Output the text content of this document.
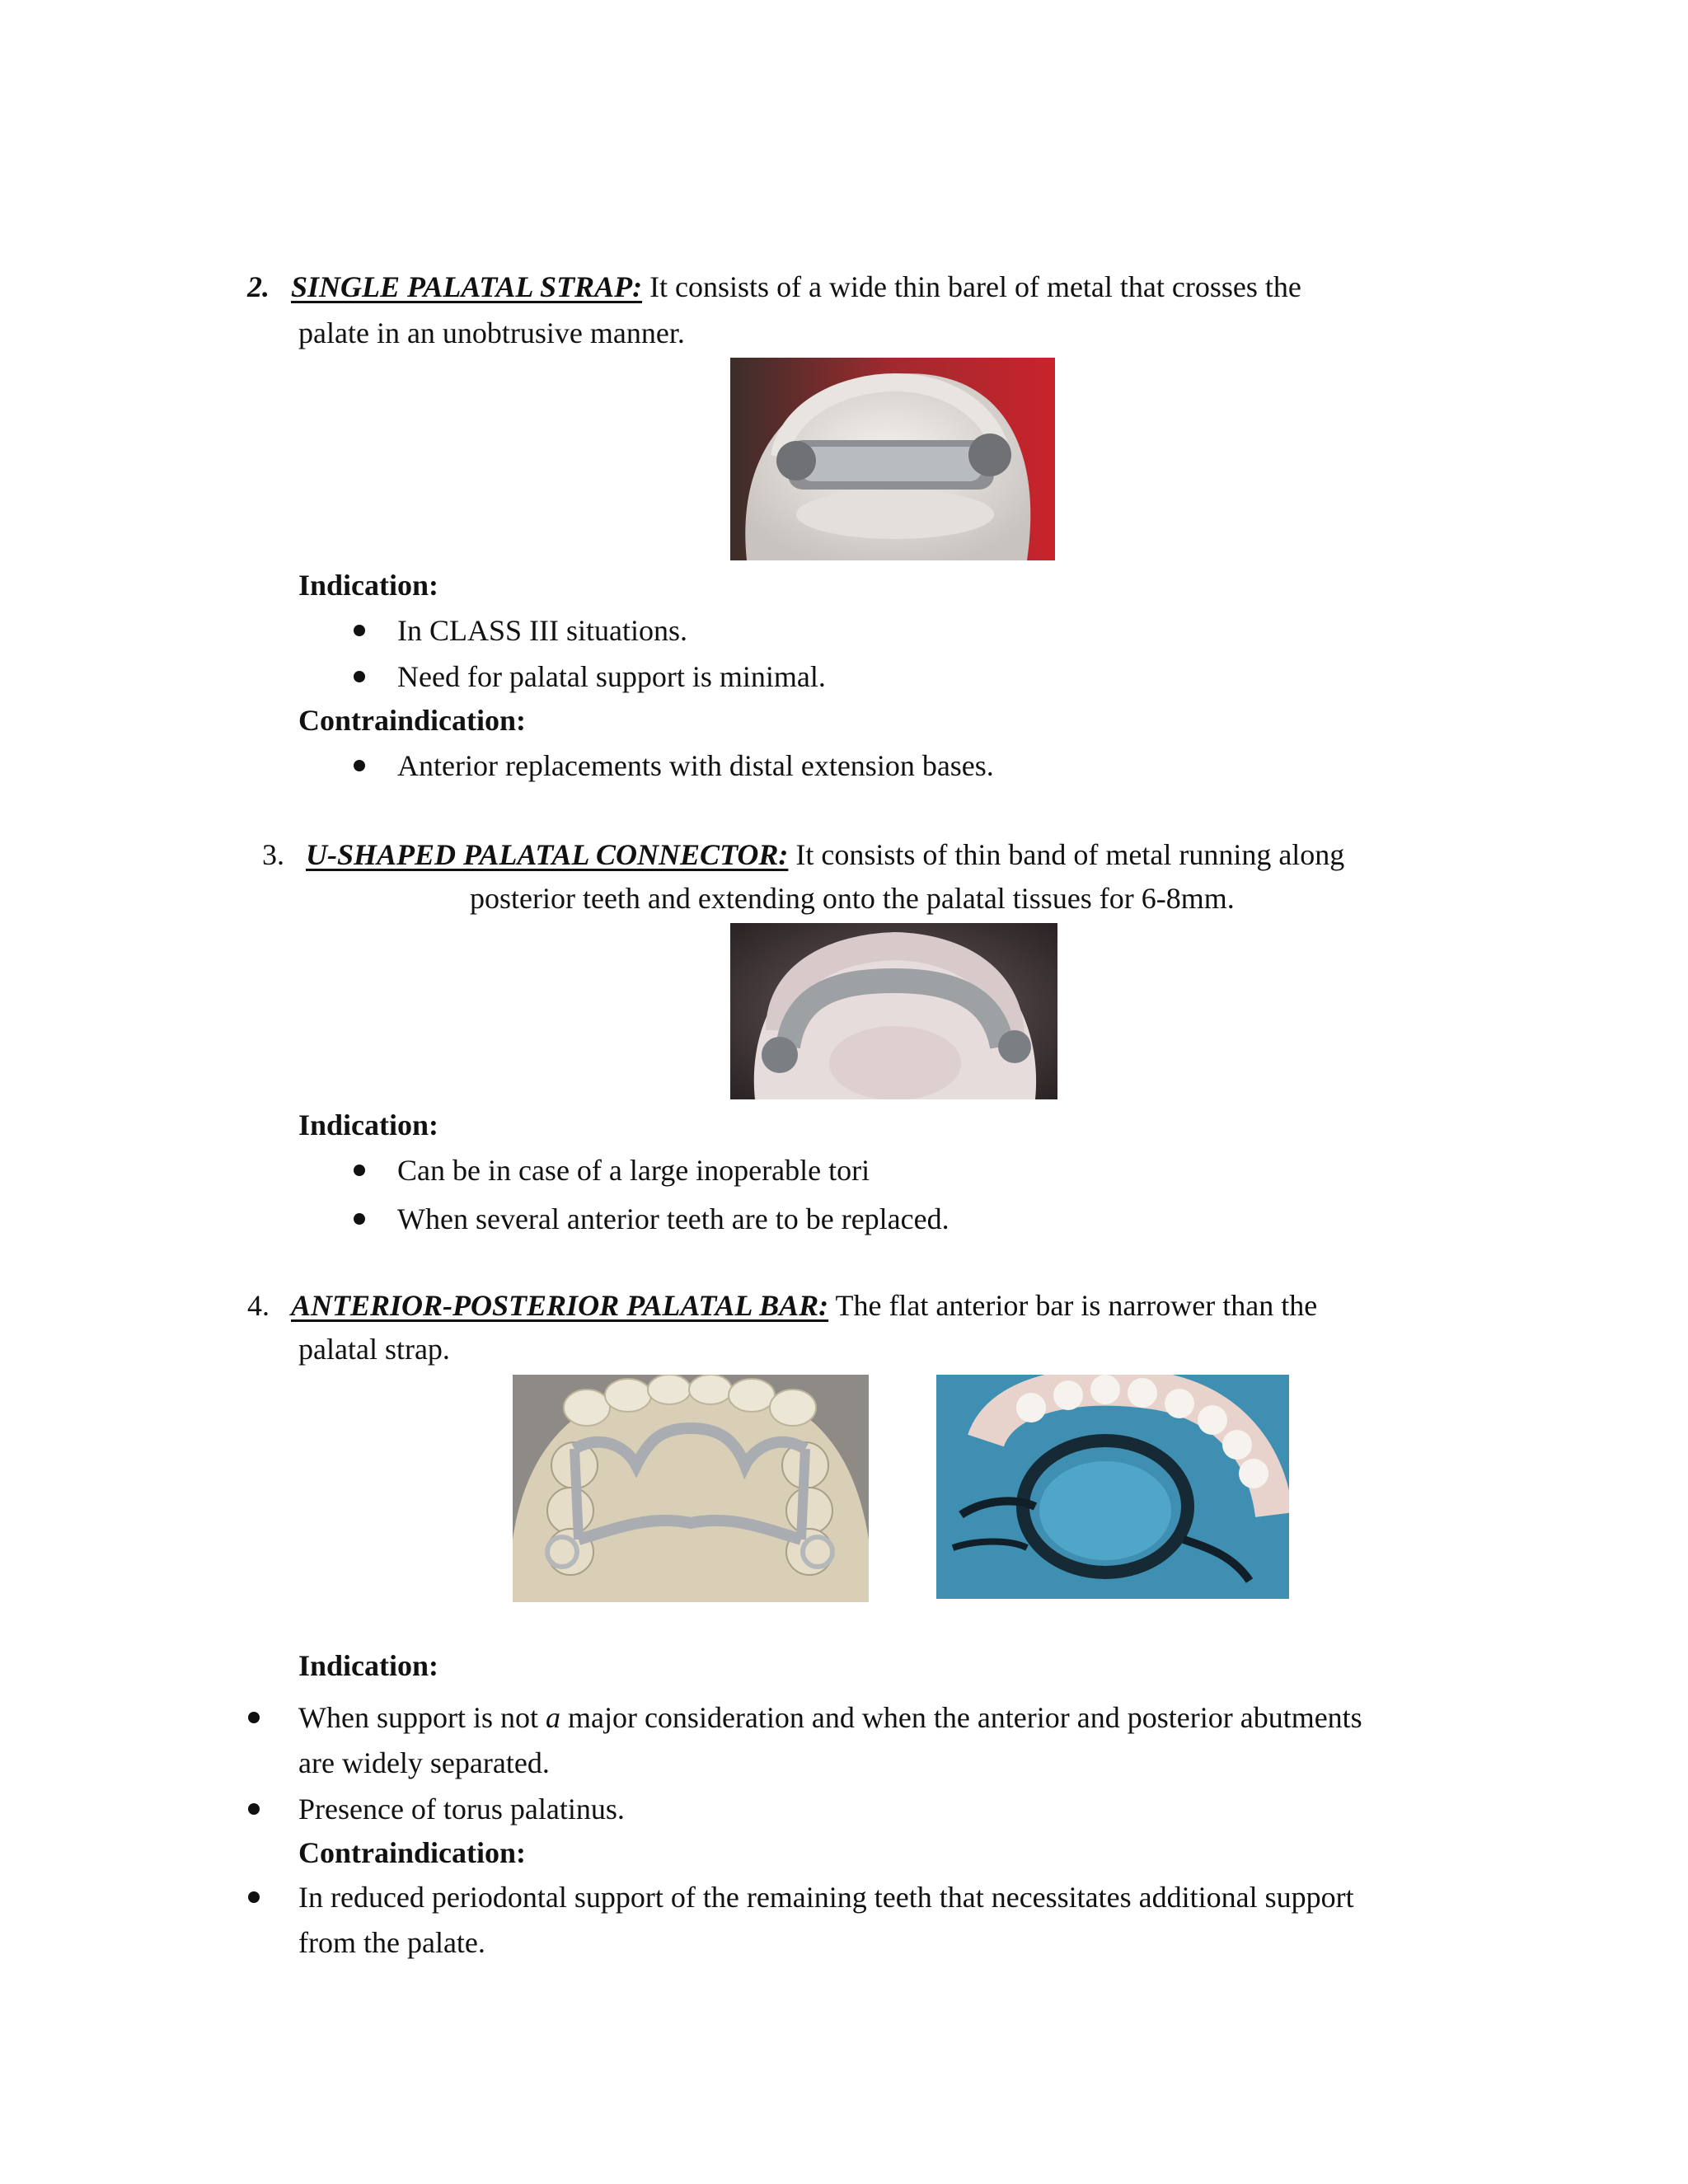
2. SINGLE PALATAL STRAP: It consists of a wide thin barel of metal that crosses the
palate in an unobtrusive manner.
Indication:
In CLASS III situations.
Need for palatal support is minimal.
Contraindication:
Anterior replacements with distal extension bases.
3. U-SHAPED PALATAL CONNECTOR: It consists of thin band of metal running along
posterior teeth and extending onto the palatal tissues for 6-8mm.
Indication:
Can be in case of a large inoperable tori
When several anterior teeth are to be replaced.
4. ANTERIOR-POSTERIOR PALATAL BAR: The flat anterior bar is narrower than the
palatal strap.
Indication:
When support is not a major consideration and when the anterior and posterior abutments
are widely separated.
Presence of torus palatinus.
Contraindication:
In reduced periodontal support of the remaining teeth that necessitates additional support
from the palate.
